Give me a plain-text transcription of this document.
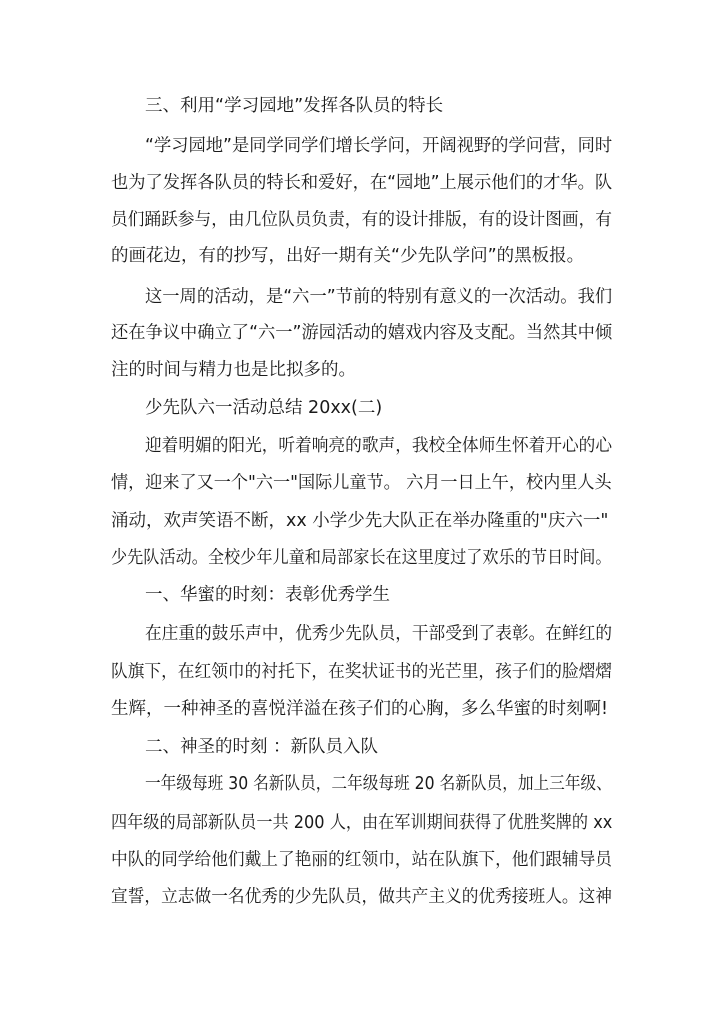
三、利用“学习园地”发挥各队员的特长
“学习园地”是同学同学们增长学问，开阔视野的学问营，同时
也为了发挥各队员的特长和爱好，在“园地”上展示他们的才华。队
员们踊跃参与，由几位队员负责，有的设计排版，有的设计图画，有
的画花边，有的抄写，出好一期有关“少先队学问”的黑板报。
这一周的活动，是“六一”节前的特别有意义的一次活动。我们
还在争议中确立了“六一”游园活动的嬉戏内容及支配。当然其中倾
注的时间与精力也是比拟多的。
少先队六一活动总结 20xx(二)
迎着明媚的阳光，听着响亮的歌声，我校全体师生怀着开心的心
情，迎来了又一个"六一"国际儿童节。 六月一日上午，校内里人头
涌动，欢声笑语不断，xx 小学少先大队正在举办隆重的"庆六一"
少先队活动。全校少年儿童和局部家长在这里度过了欢乐的节日时间。
一、华蜜的时刻：表彰优秀学生
在庄重的鼓乐声中，优秀少先队员，干部受到了表彰。在鲜红的
队旗下，在红领巾的衬托下，在奖状证书的光芒里，孩子们的脸熠熠
生辉，一种神圣的喜悦洋溢在孩子们的心胸，多么华蜜的时刻啊!
二、神圣的时刻 ：新队员入队
一年级每班 30 名新队员，二年级每班 20 名新队员，加上三年级、
四年级的局部新队员一共 200 人，由在军训期间获得了优胜奖牌的 xx
中队的同学给他们戴上了艳丽的红领巾，站在队旗下，他们跟辅导员
宣誓，立志做一名优秀的少先队员，做共产主义的优秀接班人。这神
